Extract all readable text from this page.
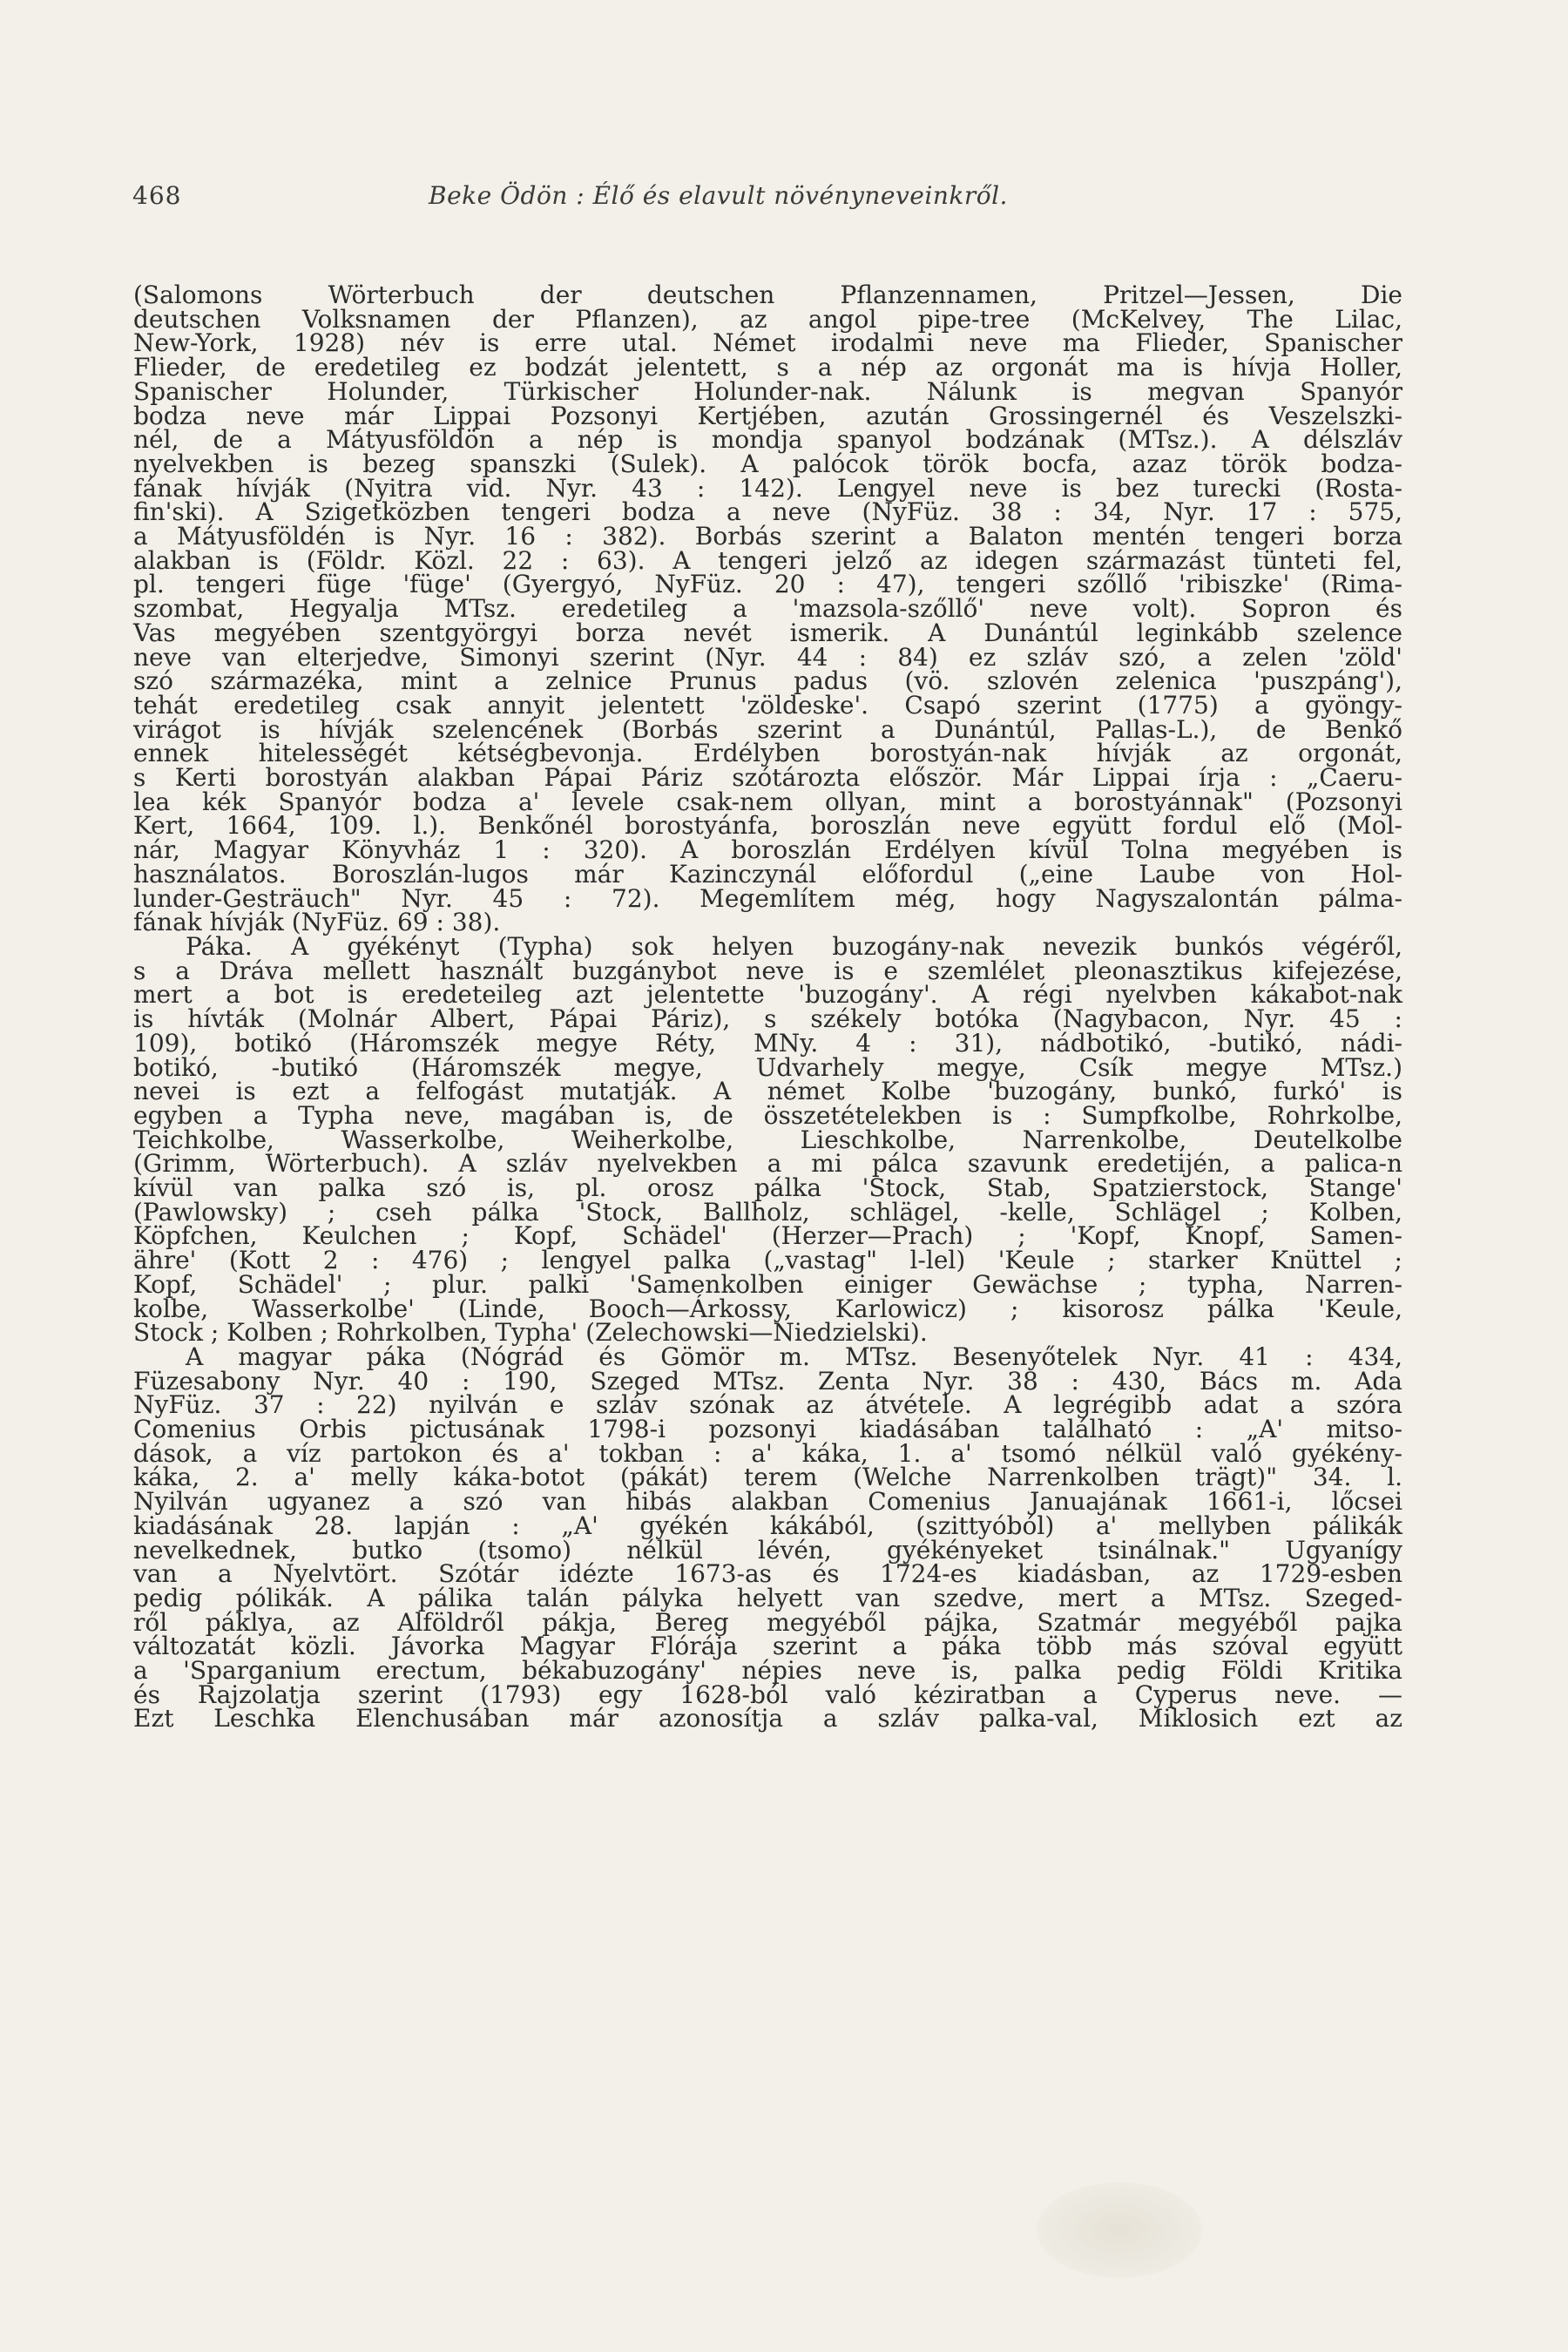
468	Beke Ödön : Élő és elavult növényneveinkről.

(Salomons Wörterbuch der deutschen Pflanzennamen, Pritzel—Jessen, Die

deutschen Volksnamen der Pflanzen), az angol pipe-tree (McKelvey, The Lilac,

New-York, 1928) név is erre utal. Német irodalmi neve ma Flieder, Spanischer

Flieder, de eredetileg ez bodzát jelentett, s a nép az orgonát ma is hívja Holler,

Spanischer Holunder, Türkischer Holunder-nak. Nálunk is megvan Spanyór

bodza neve már Lippai Pozsonyi Kertjében, azután Grossingernél és Veszelszki-

nél, de a Mátyusföldön a nép is mondja spanyol bodzának (MTsz.). A délszláv

nyelvekben is bezeg spanszki (Sulek). A palócok török bocfa, azaz török bodza-

fának hívják (Nyitra vid. Nyr. 43 : 142). Lengyel neve is bez turecki (Rosta-

fin'ski). A Szigetközben tengeri bodza a neve (NyFüz. 38 : 34, Nyr. 17 : 575,

a Mátyusföldén is Nyr. 16 : 382). Borbás szerint a Balaton mentén tengeri borza

alakban is (Földr. Közl. 22 : 63). A tengeri jelző az idegen származást tünteti fel,

pl. tengeri füge 'füge' (Gyergyó, NyFüz. 20 : 47), tengeri szőllő 'ribiszke' (Rima-

szombat, Hegyalja MTsz. eredetileg a 'mazsola-szőllő' neve volt). Sopron és

Vas megyében szentgyörgyi borza nevét ismerik. A Dunántúl leginkább szelence

neve van elterjedve, Simonyi szerint (Nyr. 44 : 84) ez szláv szó, a zelen 'zöld'

szó származéka, mint a zelnice Prunus padus (vö. szlovén zelenica 'puszpáng'),

tehát eredetileg csak annyit jelentett 'zöldeske'. Csapó szerint (1775) a gyöngy-

virágot is hívják szelencének (Borbás szerint a Dunántúl, Pallas-L.), de Benkő

ennek hitelességét kétségbevonja. Erdélyben borostyán-nak hívják az orgonát,

s Kerti borostyán alakban Pápai Páriz szótározta először. Már Lippai írja : „Caeru-

lea kék Spanyór bodza a' levele csak-nem ollyan, mint a borostyánnak" (Pozsonyi

Kert, 1664, 109. l.). Benkőnél borostyánfa, boroszlán neve együtt fordul elő (Mol-

nár, Magyar Könyvház 1 : 320). A boroszlán Erdélyen kívül Tolna megyében is

használatos. Boroszlán-lugos már Kazinczynál előfordul („eine Laube von Hol-

lunder-Gesträuch" Nyr. 45 : 72). Megemlítem még, hogy Nagyszalontán pálma-

fának hívják (NyFüz. 69 : 38).

Páka. A gyékényt (Typha) sok helyen buzogány-nak nevezik bunkós végéről,

s a Dráva mellett használt buzgánybot neve is e szemlélet pleonasztikus kifejezése,

mert a bot is eredeteileg azt jelentette 'buzogány'. A régi nyelvben kákabot-nak

is hívták (Molnár Albert, Pápai Páriz), s székely botóka (Nagybacon, Nyr. 45 :

109), botikó (Háromszék megye Réty, MNy. 4 : 31), nádbotikó, -butikó, nádi-

botikó, -butikó (Háromszék megye, Udvarhely megye, Csík megye MTsz.)

nevei is ezt a felfogást mutatják. A német Kolbe 'buzogány, bunkó, furkó' is

egyben a Typha neve, magában is, de összetételekben is : Sumpfkolbe, Rohrkolbe,

Teichkolbe, Wasserkolbe, Weiherkolbe, Lieschkolbe, Narrenkolbe, Deutelkolbe

(Grimm, Wörterbuch). A szláv nyelvekben a mi pálca szavunk eredetijén, a palica-n

kívül van palka szó is, pl. orosz pálka 'Stock, Stab, Spatzierstock, Stange'

(Pawlowsky) ; cseh pálka 'Stock, Ballholz, schlägel, -kelle, Schlägel ; Kolben,

Köpfchen, Keulchen ; Kopf, Schädel' (Herzer—Prach) ; 'Kopf, Knopf, Samen-

ähre' (Kott 2 : 476) ; lengyel palka („vastag" l-lel) 'Keule ; starker Knüttel ;

Kopf, Schädel' ; plur. palki 'Samenkolben einiger Gewächse ; typha, Narren-

kolbe, Wasserkolbe' (Linde, Booch—Árkossy, Karlowicz) ; kisorosz pálka 'Keule,

Stock ; Kolben ; Rohrkolben, Typha' (Zelechowski—Niedzielski).

A magyar páka (Nógrád és Gömör m. MTsz. Besenyőtelek Nyr. 41 : 434,

Füzesabony Nyr. 40 : 190, Szeged MTsz. Zenta Nyr. 38 : 430, Bács m. Ada

NyFüz. 37 : 22) nyilván e szláv szónak az átvétele. A legrégibb adat a szóra

Comenius Orbis pictusának 1798-i pozsonyi kiadásában található : „A' mitso-

dások, a víz partokon és a' tokban : a' káka, 1. a' tsomó nélkül való gyékény-

káka, 2. a' melly káka-botot (pákát) terem (Welche Narrenkolben trägt)" 34. l.

Nyilván ugyanez a szó van hibás alakban Comenius Januajának 1661-i, lőcsei

kiadásának 28. lapján : „A' gyékén kákából, (szittyóból) a' mellyben pálikák

nevelkednek, butko (tsomo) nélkül lévén, gyékényeket tsinálnak." Ugyanígy

van a Nyelvtört. Szótár idézte 1673-as és 1724-es kiadásban, az 1729-esben

pedig pólikák. A pálika talán pályka helyett van szedve, mert a MTsz. Szeged-

ről páklya, az Alföldről pákja, Bereg megyéből pájka, Szatmár megyéből pajka

változatát közli. Jávorka Magyar Flórája szerint a páka több más szóval együtt

a 'Sparganium erectum, békabuzogány' népies neve is, palka pedig Földi Kritika

és Rajzolatja szerint (1793) egy 1628-ból való kéziratban a Cyperus neve. —

Ezt Leschka Elenchusában már azonosítja a szláv palka-val, Miklosich ezt az
